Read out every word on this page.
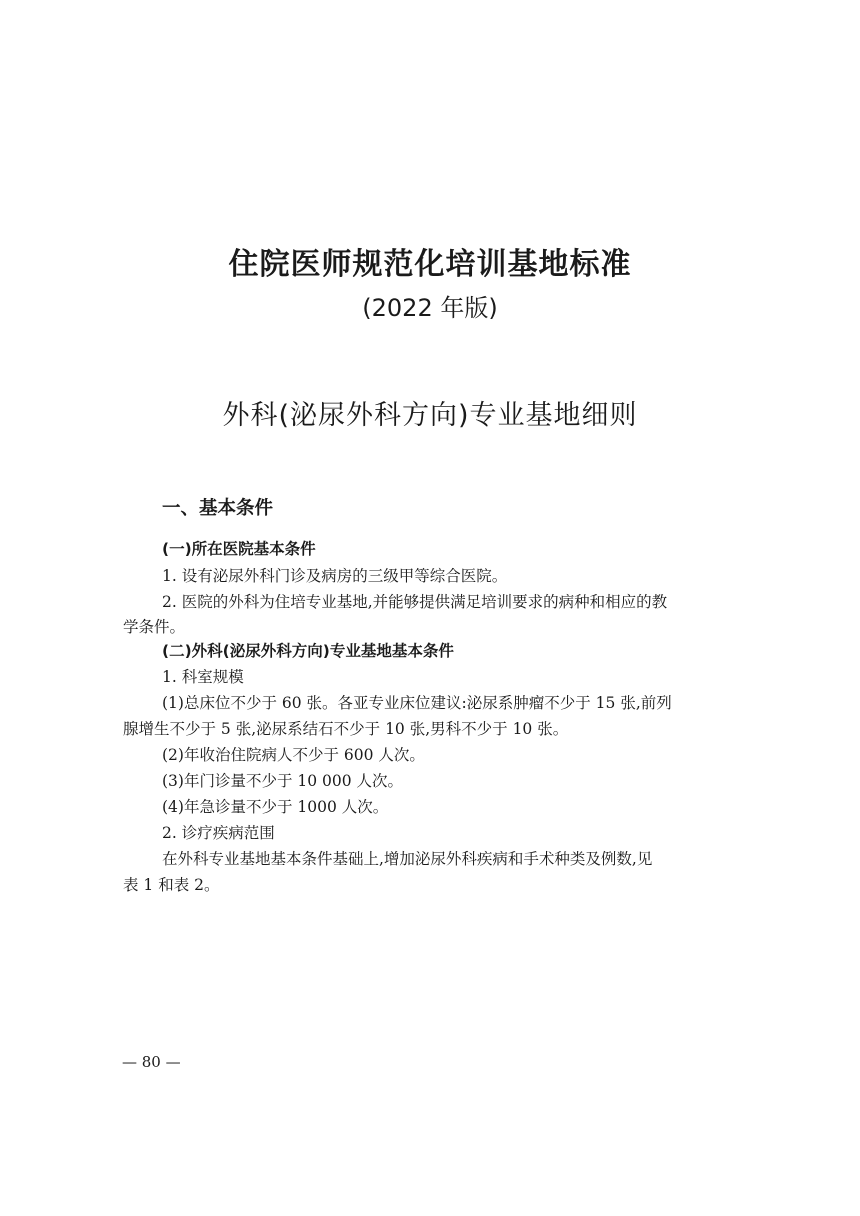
住院医师规范化培训基地标准
(2022 年版)
外科(泌尿外科方向)专业基地细则
一、基本条件
(一)所在医院基本条件
1. 设有泌尿外科门诊及病房的三级甲等综合医院。
2. 医院的外科为住培专业基地,并能够提供满足培训要求的病种和相应的教
学条件。
(二)外科(泌尿外科方向)专业基地基本条件
1. 科室规模
(1)总床位不少于 60 张。各亚专业床位建议:泌尿系肿瘤不少于 15 张,前列
腺增生不少于 5 张,泌尿系结石不少于 10 张,男科不少于 10 张。
(2)年收治住院病人不少于 600 人次。
(3)年门诊量不少于 10 000 人次。
(4)年急诊量不少于 1000 人次。
2. 诊疗疾病范围
在外科专业基地基本条件基础上,增加泌尿外科疾病和手术种类及例数,见
表 1 和表 2。
— 80 —
